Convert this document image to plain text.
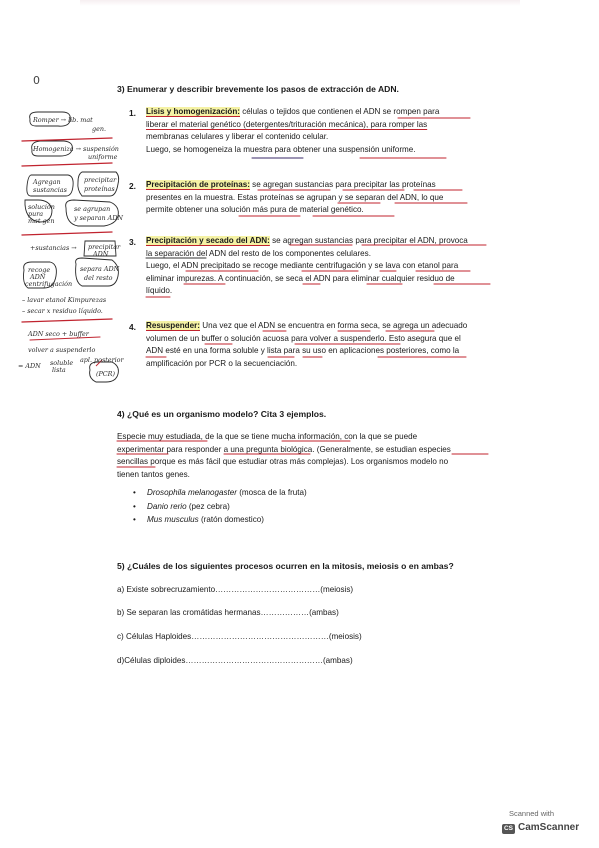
0
3) Enumerar y describir brevemente los pasos de extracción de ADN.
1. Lisis y homogenización: células o tejidos que contienen el ADN se rompen para
liberar el material genético (detergentes/trituración mecánica), para romper las
membranas celulares y liberar el contenido celular.
Luego, se homogeneiza la muestra para obtener una suspensión uniforme.
2. Precipitación de proteínas: se agregan sustancias para precipitar las proteínas
presentes en la muestra. Estas proteínas se agrupan y se separan del ADN, lo que
permite obtener una solución más pura de material genético.
3. Precipitación y secado del ADN: se agregan sustancias para precipitar el ADN, provoca
la separación del ADN del resto de los componentes celulares.
Luego, el ADN precipitado se recoge mediante centrifugación y se lava con etanol para
eliminar impurezas. A continuación, se seca el ADN para eliminar cualquier residuo de
líquido.
4. Resuspender: Una vez que el ADN se encuentra en forma seca, se agrega un adecuado
volumen de un buffer o solución acuosa para volver a suspenderlo. Esto asegura que el
ADN esté en una forma soluble y lista para su uso en aplicaciones posteriores, como la
amplificación por PCR o la secuenciación.
4) ¿Qué es un organismo modelo? Cita 3 ejemplos.
Especie muy estudiada, de la que se tiene mucha información, con la que se puede
experimentar para responder a una pregunta biológica. (Generalmente, se estudian especies
sencillas porque es más fácil que estudiar otras más complejas). Los organismos modelo no
tienen tantos genes.
• Drosophila melanogaster (mosca de la fruta)
• Danio rerio (pez cebra)
• Mus musculus (ratón domestico)
5) ¿Cuáles de los siguientes procesos ocurren en la mitosis, meiosis o en ambas?
a) Existe sobrecruzamiento…………………………………(meiosis)
b) Se separan las cromátidas hermanas………………(ambas)
c) Células Haploides……………………………………………(meiosis)
d)Células diploides……………………………………………(ambas)
Romper → lib. mat
gen.
Homogeniza → suspensión
uniforme
Agregan
sustancias
precipitar
proteínas
se agrupan
y separan ADN
solución
pura
mat gen
+sustancias → precipitar
ADN
recoge
ADN
centrifugación
separa ADN
del resto
– lavar etanol Kimpurezas
– secar x residuo líquido.
ADN seco + buffer
volver a suspenderlo
= ADN soluble
lista
apl. posterior
(PCR)
Scanned with
CS CamScanner
